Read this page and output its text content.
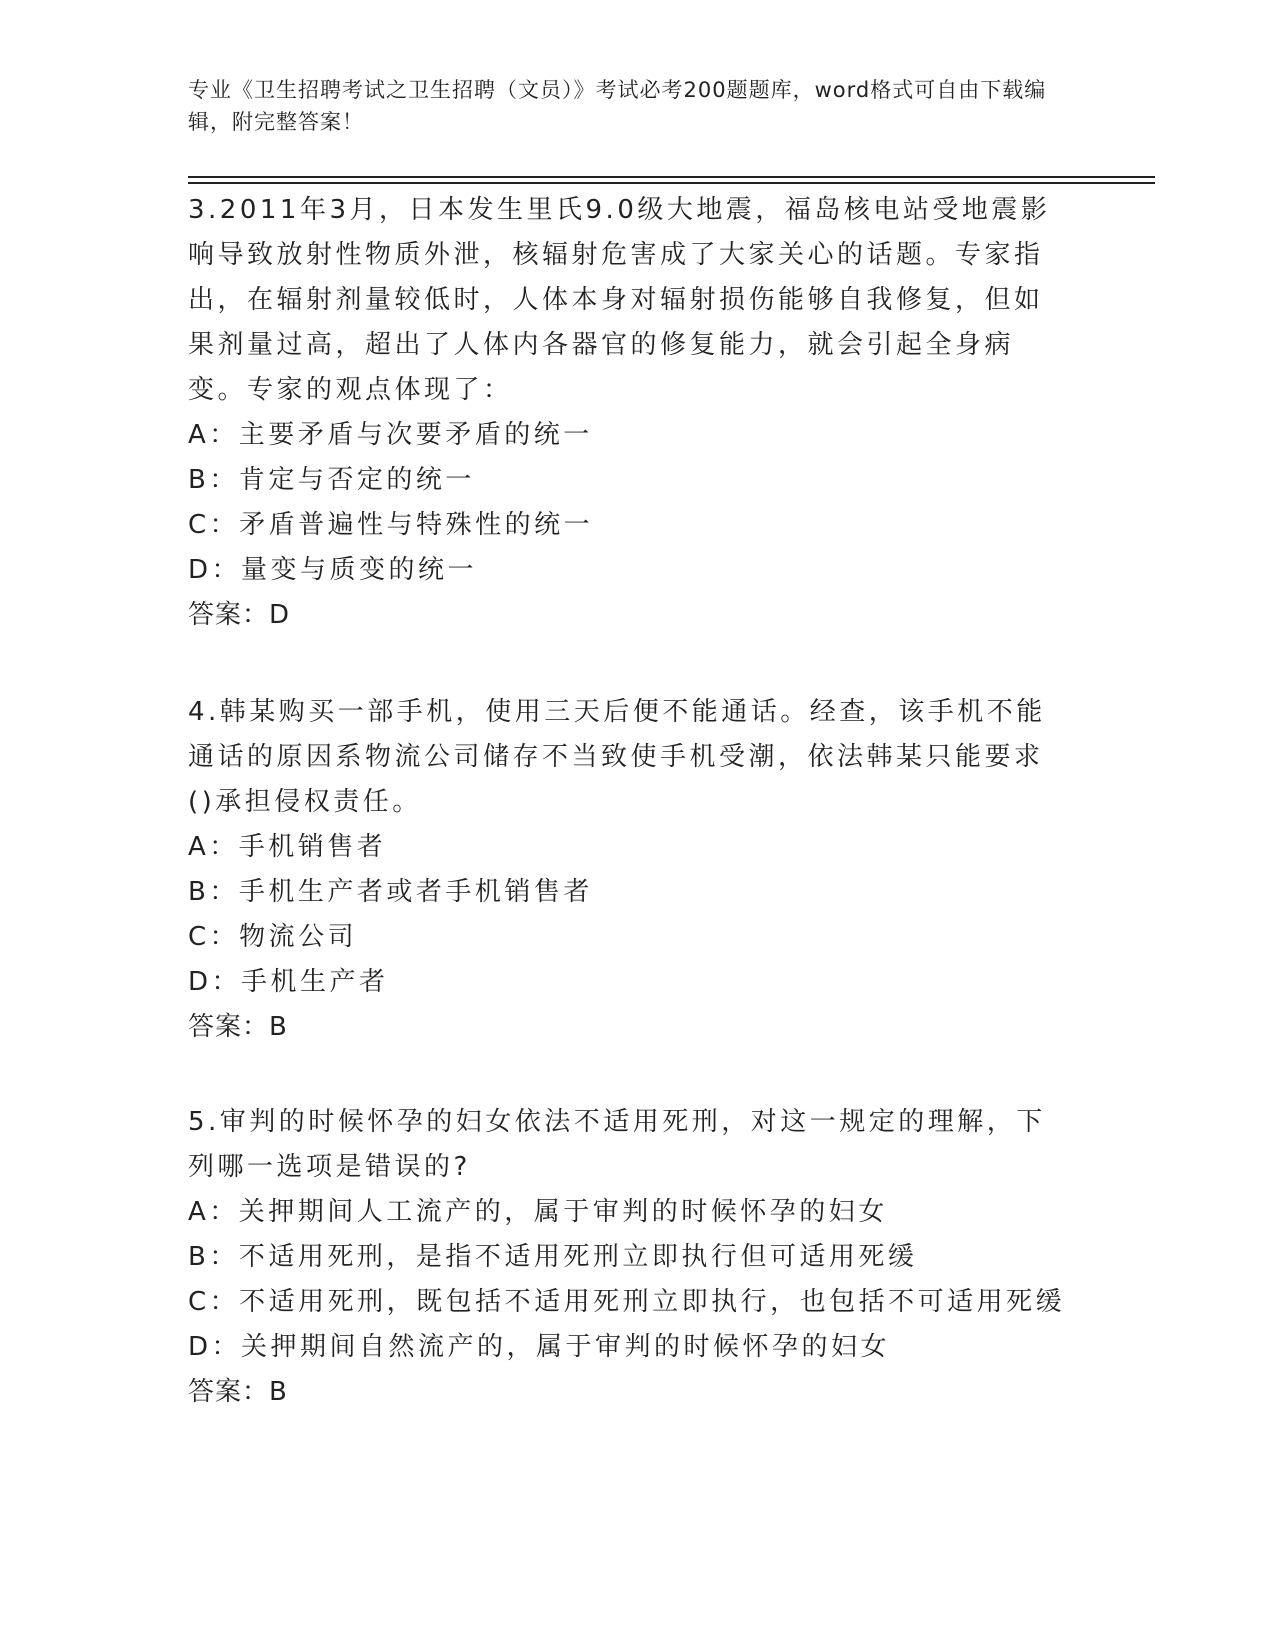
专业《卫生招聘考试之卫生招聘（文员）》考试必考200题题库，word格式可自由下载编辑，附完整答案！
3.2011年3月，日本发生里氏9.0级大地震，福岛核电站受地震影响导致放射性物质外泄，核辐射危害成了大家关心的话题。专家指出，在辐射剂量较低时，人体本身对辐射损伤能够自我修复，但如果剂量过高，超出了人体内各器官的修复能力，就会引起全身病变。专家的观点体现了：
A：主要矛盾与次要矛盾的统一
B：肯定与否定的统一
C：矛盾普遍性与特殊性的统一
D：量变与质变的统一
答案：D
4.韩某购买一部手机，使用三天后便不能通话。经查，该手机不能通话的原因系物流公司储存不当致使手机受潮，依法韩某只能要求()承担侵权责任。
A：手机销售者
B：手机生产者或者手机销售者
C：物流公司
D：手机生产者
答案：B
5.审判的时候怀孕的妇女依法不适用死刑，对这一规定的理解，下列哪一选项是错误的?
A：关押期间人工流产的，属于审判的时候怀孕的妇女
B：不适用死刑，是指不适用死刑立即执行但可适用死缓
C：不适用死刑，既包括不适用死刑立即执行，也包括不可适用死缓
D：关押期间自然流产的，属于审判的时候怀孕的妇女
答案：B
